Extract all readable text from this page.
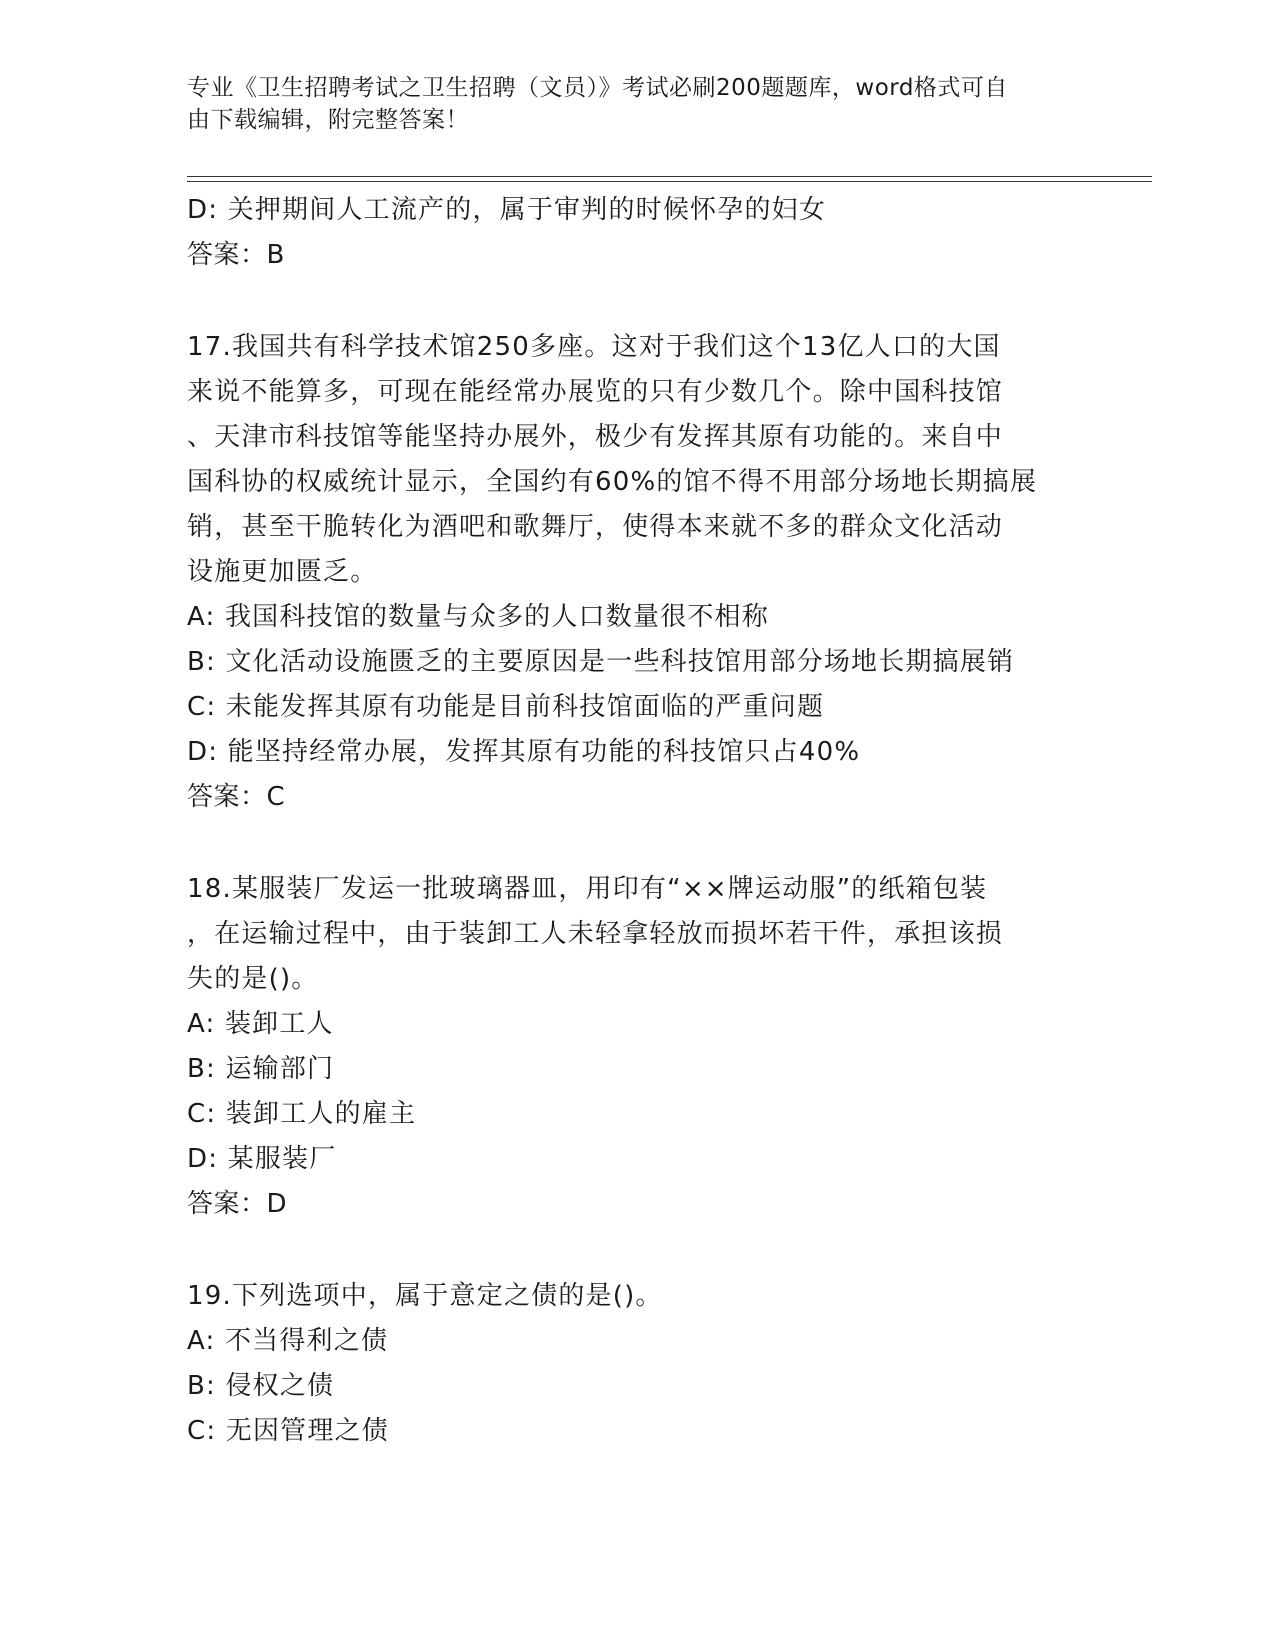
专业《卫生招聘考试之卫生招聘（文员）》考试必刷200题题库，word格式可自
由下载编辑，附完整答案！

D: 关押期间人工流产的，属于审判的时候怀孕的妇女

答案：B

17.我国共有科学技术馆250多座。这对于我们这个13亿人口的大国

来说不能算多，可现在能经常办展览的只有少数几个。除中国科技馆

、天津市科技馆等能坚持办展外，极少有发挥其原有功能的。来自中

国科协的权威统计显示，全国约有60%的馆不得不用部分场地长期搞展

销，甚至干脆转化为酒吧和歌舞厅，使得本来就不多的群众文化活动

设施更加匮乏。

A: 我国科技馆的数量与众多的人口数量很不相称

B: 文化活动设施匮乏的主要原因是一些科技馆用部分场地长期搞展销

C: 未能发挥其原有功能是目前科技馆面临的严重问题

D: 能坚持经常办展，发挥其原有功能的科技馆只占40%

答案：C

18.某服装厂发运一批玻璃器皿，用印有“××牌运动服”的纸箱包装

，在运输过程中，由于装卸工人未轻拿轻放而损坏若干件，承担该损

失的是()。

A: 装卸工人

B: 运输部门

C: 装卸工人的雇主

D: 某服装厂

答案：D

19.下列选项中，属于意定之债的是()。

A: 不当得利之债

B: 侵权之债

C: 无因管理之债
